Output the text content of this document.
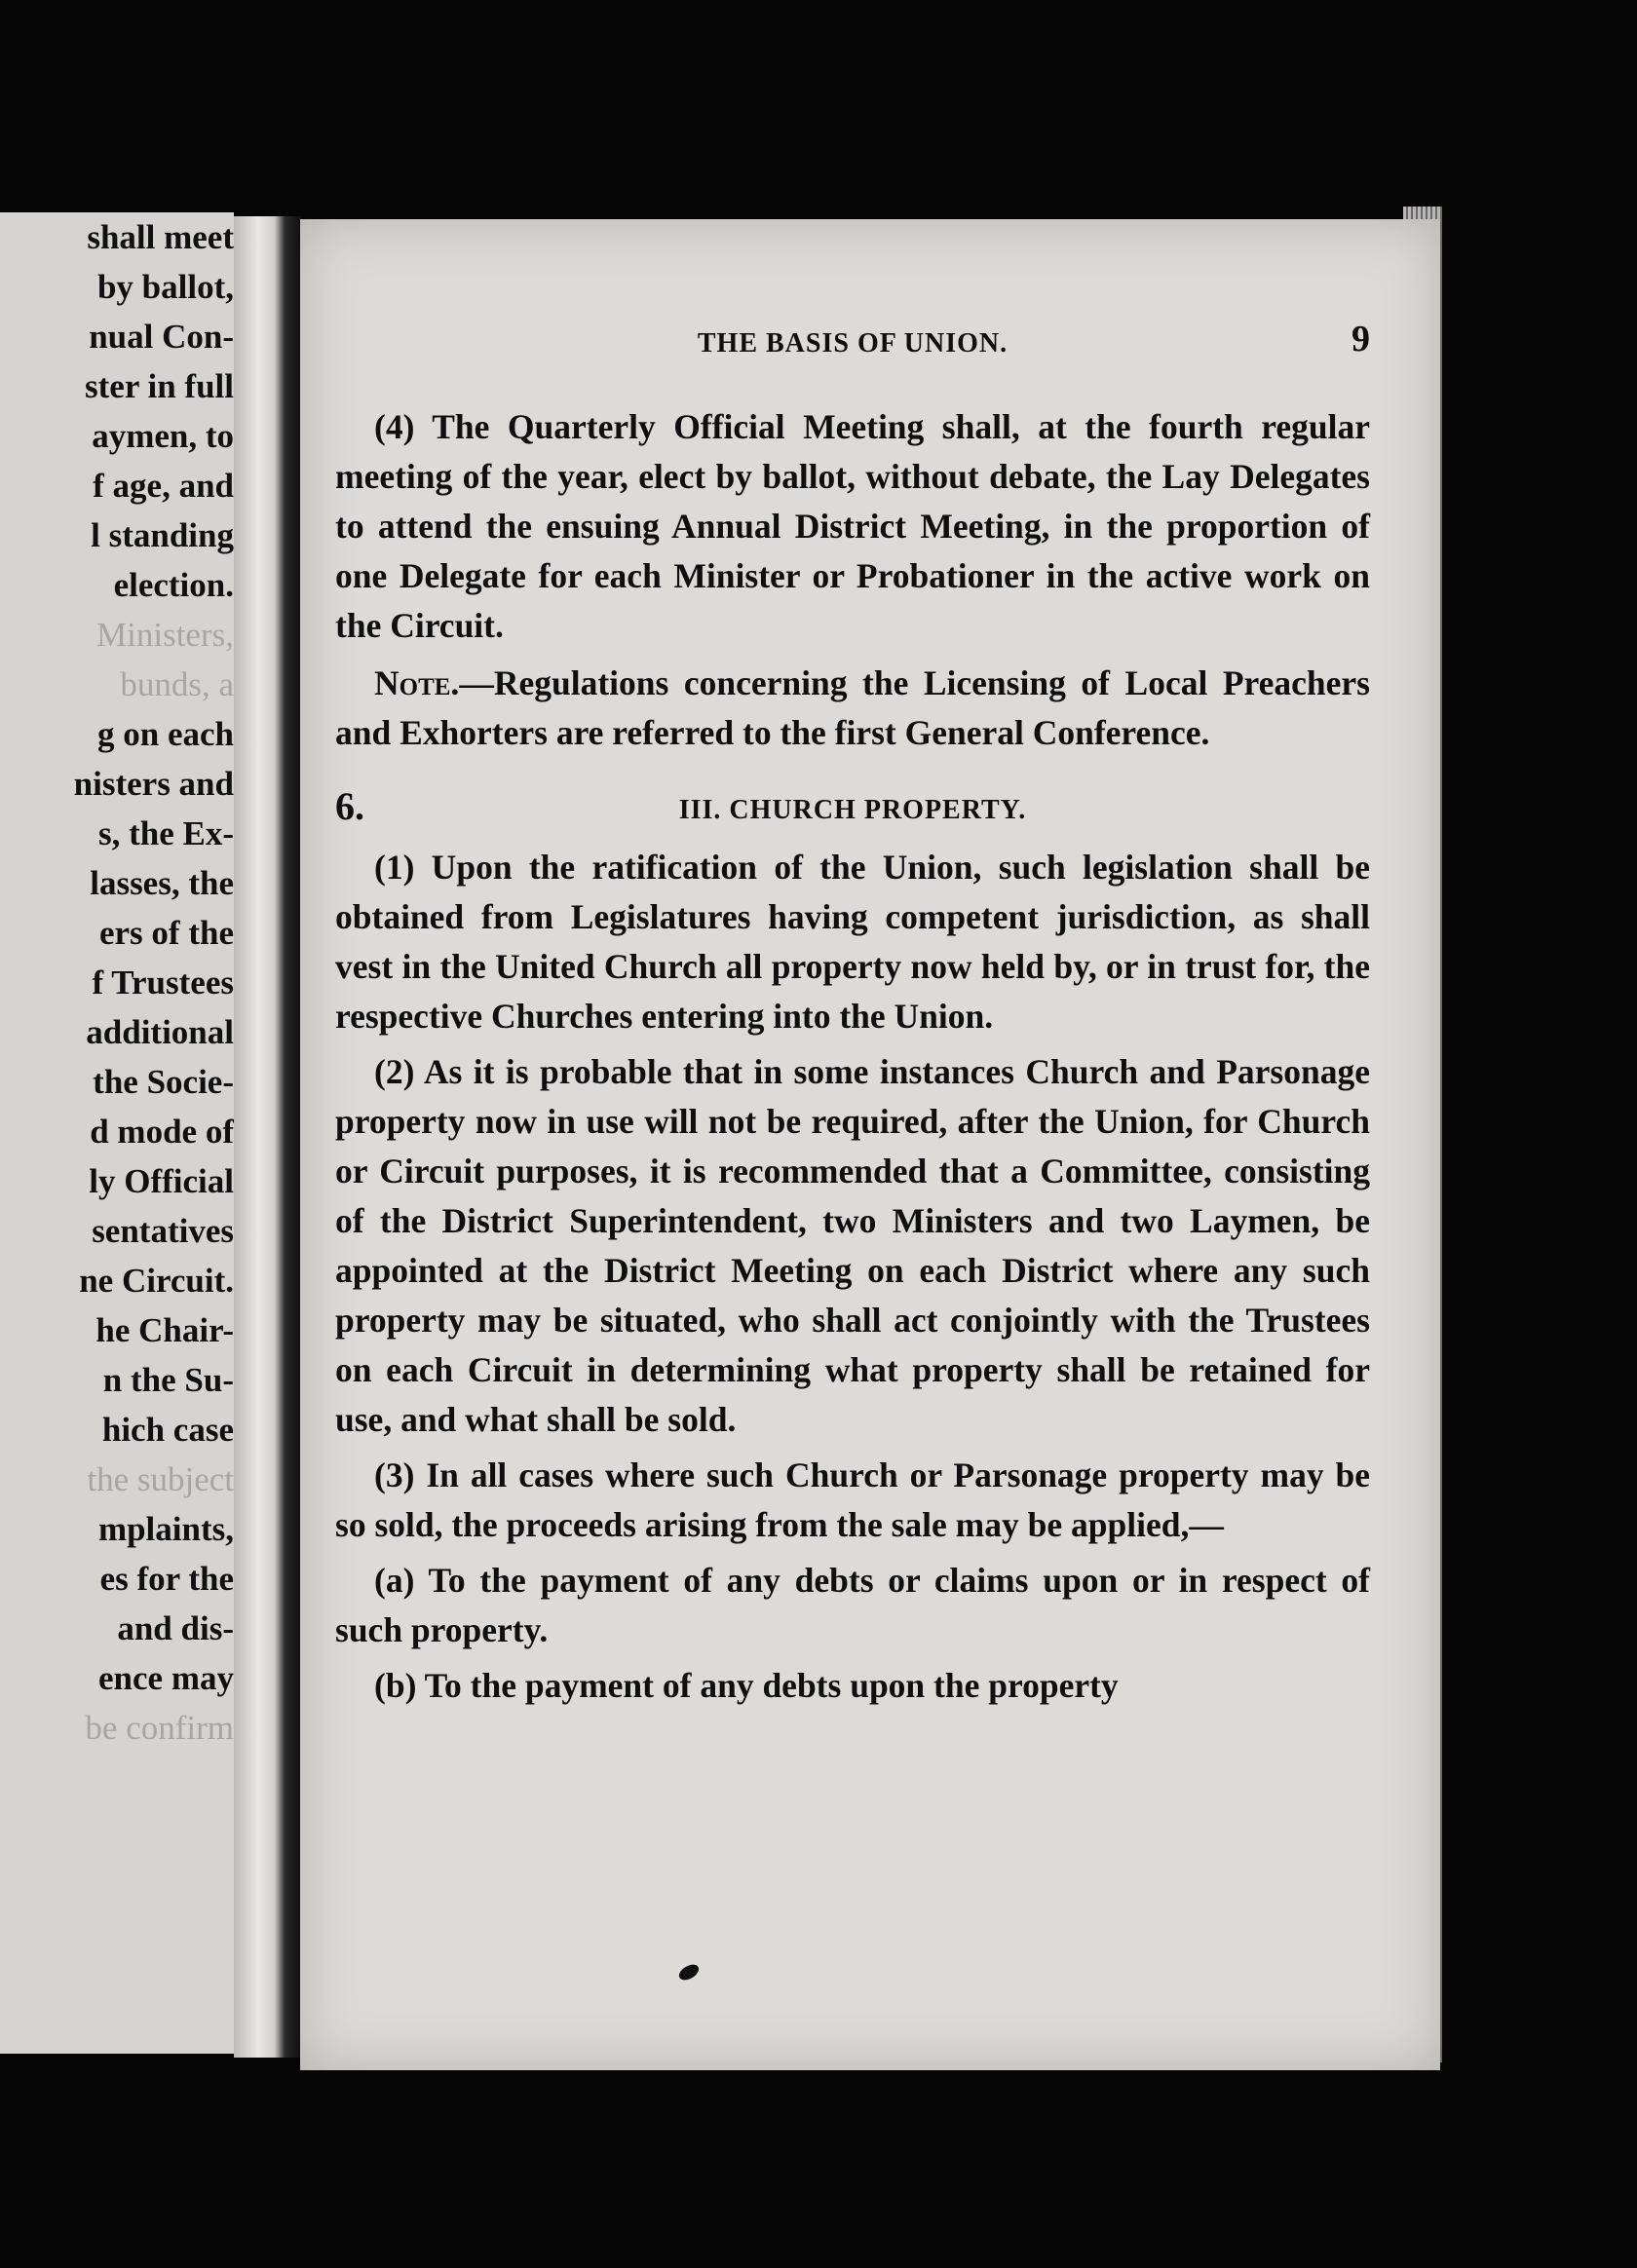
shall meet
by ballot,
nual Con-
ster in full
aymen, to
f age, and
l standing
election.
Ministers,
bunds, a
g on each
nisters and
s, the Ex-
lasses, the
ers of the
f Trustees
additional
the Socie-
d mode of
ly Official
sentatives
ne Circuit.
he Chair-
n the Su-
hich case
the subject
mplaints,
es for the
and dis-
ence may
be confirm
THE BASIS OF UNION.	9

(4) The Quarterly Official Meeting shall, at the fourth regular meeting of the year, elect by ballot, without debate, the Lay Delegates to attend the ensuing Annual District Meeting, in the proportion of one Delegate for each Minister or Probationer in the active work on the Circuit.

Note.—Regulations concerning the Licensing of Local Preachers and Exhorters are referred to the first General Conference.

6.	III. CHURCH PROPERTY.

(1) Upon the ratification of the Union, such legislation shall be obtained from Legislatures having competent jurisdiction, as shall vest in the United Church all property now held by, or in trust for, the respective Churches entering into the Union.

(2) As it is probable that in some instances Church and Parsonage property now in use will not be required, after the Union, for Church or Circuit purposes, it is recommended that a Committee, consisting of the District Superintendent, two Ministers and two Laymen, be appointed at the District Meeting on each District where any such property may be situated, who shall act conjointly with the Trustees on each Circuit in determining what property shall be retained for use, and what shall be sold.

(3) In all cases where such Church or Parsonage property may be so sold, the proceeds arising from the sale may be applied,—

(a) To the payment of any debts or claims upon or in respect of such property.

(b) To the payment of any debts upon the property
